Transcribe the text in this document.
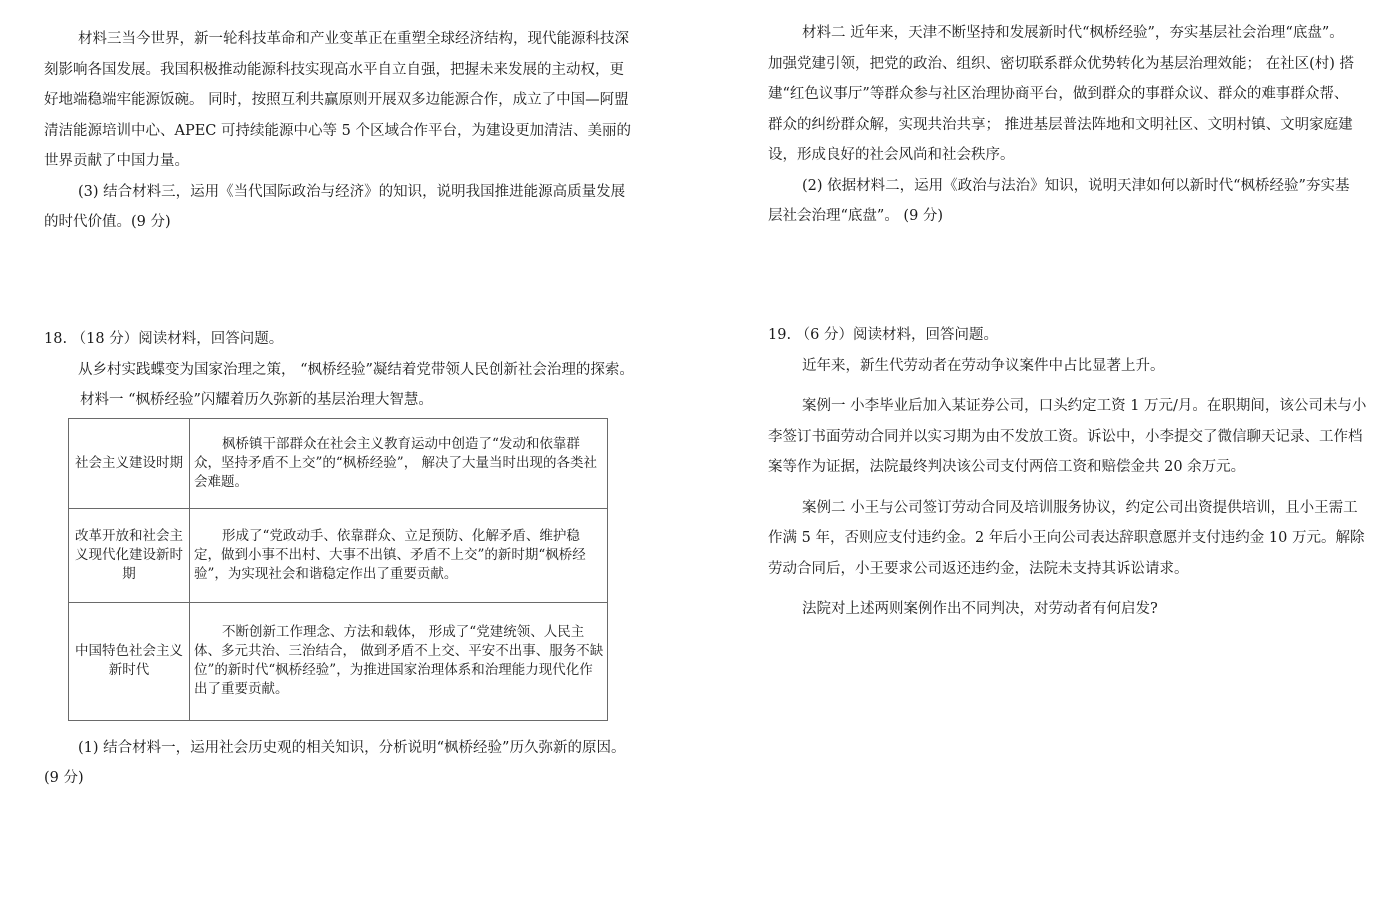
材料三当今世界，新一轮科技革命和产业变革正在重塑全球经济结构，现代能源科技深刻影响各国发展。我国积极推动能源科技实现高水平自立自强，把握未来发展的主动权，更好地端稳端牢能源饭碗。 同时，按照互利共赢原则开展双多边能源合作，成立了中国—阿盟清洁能源培训中心、APEC 可持续能源中心等 5 个区域合作平台，为建设更加清洁、美丽的世界贡献了中国力量。

(3) 结合材料三，运用《当代国际政治与经济》的知识，说明我国推进能源高质量发展的时代价值。(9 分)

18. （18 分）阅读材料，回答问题。

从乡村实践蝶变为国家治理之策， “枫桥经验”凝结着党带领人民创新社会治理的探索。

材料一 “枫桥经验”闪耀着历久弥新的基层治理大智慧。

社会主义建设时期	枫桥镇干部群众在社会主义教育运动中创造了“发动和依靠群众，坚持矛盾不上交”的“枫桥经验”， 解决了大量当时出现的各类社会难题。

改革开放和社会主义现代化建设新时期	形成了“党政动手、依靠群众、立足预防、化解矛盾、维护稳定，做到小事不出村、大事不出镇、矛盾不上交”的新时期“枫桥经验”，为实现社会和谐稳定作出了重要贡献。

中国特色社会主义新时代	不断创新工作理念、方法和载体， 形成了“党建统领、人民主体、多元共治、三治结合， 做到矛盾不上交、平安不出事、服务不缺位”的新时代“枫桥经验”，为推进国家治理体系和治理能力现代化作出了重要贡献。

(1) 结合材料一，运用社会历史观的相关知识，分析说明“枫桥经验”历久弥新的原因。(9 分)

材料二 近年来，天津不断坚持和发展新时代“枫桥经验”，夯实基层社会治理“底盘”。加强党建引领，把党的政治、组织、密切联系群众优势转化为基层治理效能； 在社区(村) 搭建“红色议事厅”等群众参与社区治理协商平台，做到群众的事群众议、群众的难事群众帮、群众的纠纷群众解，实现共治共享； 推进基层普法阵地和文明社区、文明村镇、文明家庭建设，形成良好的社会风尚和社会秩序。

(2) 依据材料二，运用《政治与法治》知识，说明天津如何以新时代“枫桥经验”夯实基层社会治理“底盘”。 (9 分)

19. （6 分）阅读材料，回答问题。

近年来，新生代劳动者在劳动争议案件中占比显著上升。

案例一 小李毕业后加入某证券公司，口头约定工资 1 万元/月。在职期间，该公司未与小李签订书面劳动合同并以实习期为由不发放工资。诉讼中，小李提交了微信聊天记录、工作档案等作为证据，法院最终判决该公司支付两倍工资和赔偿金共 20 余万元。

案例二 小王与公司签订劳动合同及培训服务协议，约定公司出资提供培训，且小王需工作满 5 年，否则应支付违约金。2 年后小王向公司表达辞职意愿并支付违约金 10 万元。解除劳动合同后，小王要求公司返还违约金，法院未支持其诉讼请求。

法院对上述两则案例作出不同判决，对劳动者有何启发?
